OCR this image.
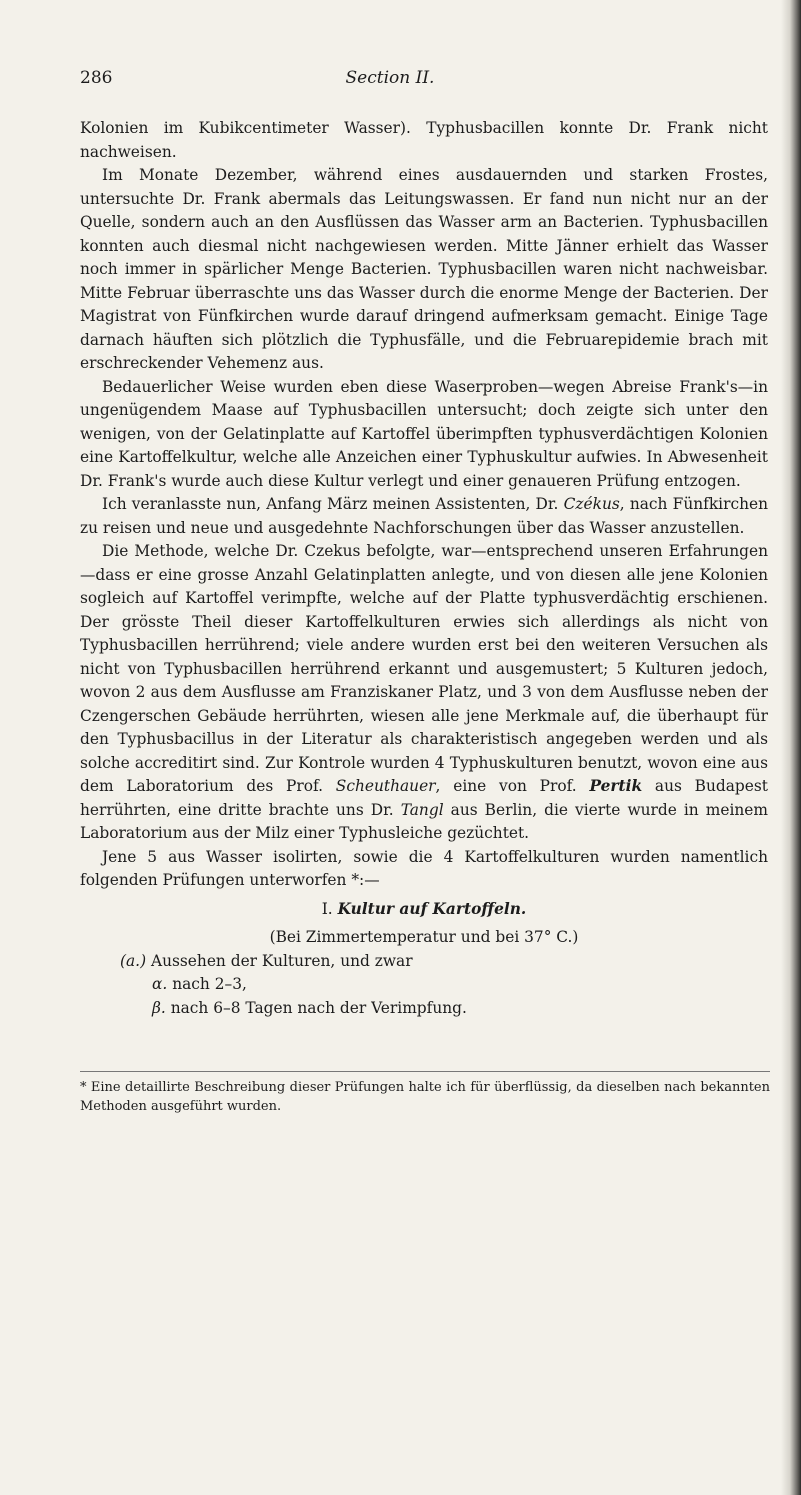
286	Section II.

Kolonien im Kubikcentimeter Wasser). Typhusbacillen konnte Dr. Frank nicht nachweisen.

Im Monate Dezember, während eines ausdauernden und starken Frostes, untersuchte Dr. Frank abermals das Leitungswassen. Er fand nun nicht nur an der Quelle, sondern auch an den Ausflüssen das Wasser arm an Bacterien. Typhusbacillen konnten auch diesmal nicht nachgewiesen werden. Mitte Jänner erhielt das Wasser noch immer in spärlicher Menge Bacterien. Typhusbacillen waren nicht nachweisbar. Mitte Februar überraschte uns das Wasser durch die enorme Menge der Bacterien. Der Magistrat von Fünfkirchen wurde darauf dringend aufmerksam gemacht. Einige Tage darnach häuften sich plötzlich die Typhusfälle, und die Februarepidemie brach mit erschreckender Vehemenz aus.

Bedauerlicher Weise wurden eben diese Waserproben—wegen Abreise Frank's—in ungenügendem Maase auf Typhusbacillen untersucht; doch zeigte sich unter den wenigen, von der Gelatinplatte auf Kartoffel überimpften typhusverdächtigen Kolonien eine Kartoffelkultur, welche alle Anzeichen einer Typhuskultur aufwies. In Abwesenheit Dr. Frank's wurde auch diese Kultur verlegt und einer genaueren Prüfung entzogen.

Ich veranlasste nun, Anfang März meinen Assistenten, Dr. Czékus, nach Fünfkirchen zu reisen und neue und ausgedehnte Nachforschungen über das Wasser anzustellen.

Die Methode, welche Dr. Czekus befolgte, war—entsprechend unseren Erfahrungen—dass er eine grosse Anzahl Gelatinplatten anlegte, und von diesen alle jene Kolonien sogleich auf Kartoffel verimpfte, welche auf der Platte typhusverdächtig erschienen. Der grösste Theil dieser Kartoffelkulturen erwies sich allerdings als nicht von Typhusbacillen herrührend; viele andere wurden erst bei den weiteren Versuchen als nicht von Typhusbacillen herrührend erkannt und ausgemustert; 5 Kulturen jedoch, wovon 2 aus dem Ausflusse am Franziskaner Platz, und 3 von dem Ausflusse neben der Czengerschen Gebäude herrührten, wiesen alle jene Merkmale auf, die überhaupt für den Typhusbacillus in der Literatur als charakteristisch angegeben werden und als solche accreditirt sind. Zur Kontrole wurden 4 Typhuskulturen benutzt, wovon eine aus dem Laboratorium des Prof. Scheuthauer, eine von Prof. Pertik aus Budapest herrührten, eine dritte brachte uns Dr. Tangl aus Berlin, die vierte wurde in meinem Laboratorium aus der Milz einer Typhusleiche gezüchtet.

Jene 5 aus Wasser isolirten, sowie die 4 Kartoffelkulturen wurden namentlich folgenden Prüfungen unterworfen *:—

I. Kultur auf Kartoffeln.

(Bei Zimmertemperatur und bei 37° C.)

(a.) Aussehen der Kulturen, und zwar

α. nach 2–3,

β. nach 6–8 Tagen nach der Verimpfung.

* Eine detaillirte Beschreibung dieser Prüfungen halte ich für überflüssig, da dieselben nach bekannten Methoden ausgeführt wurden.
